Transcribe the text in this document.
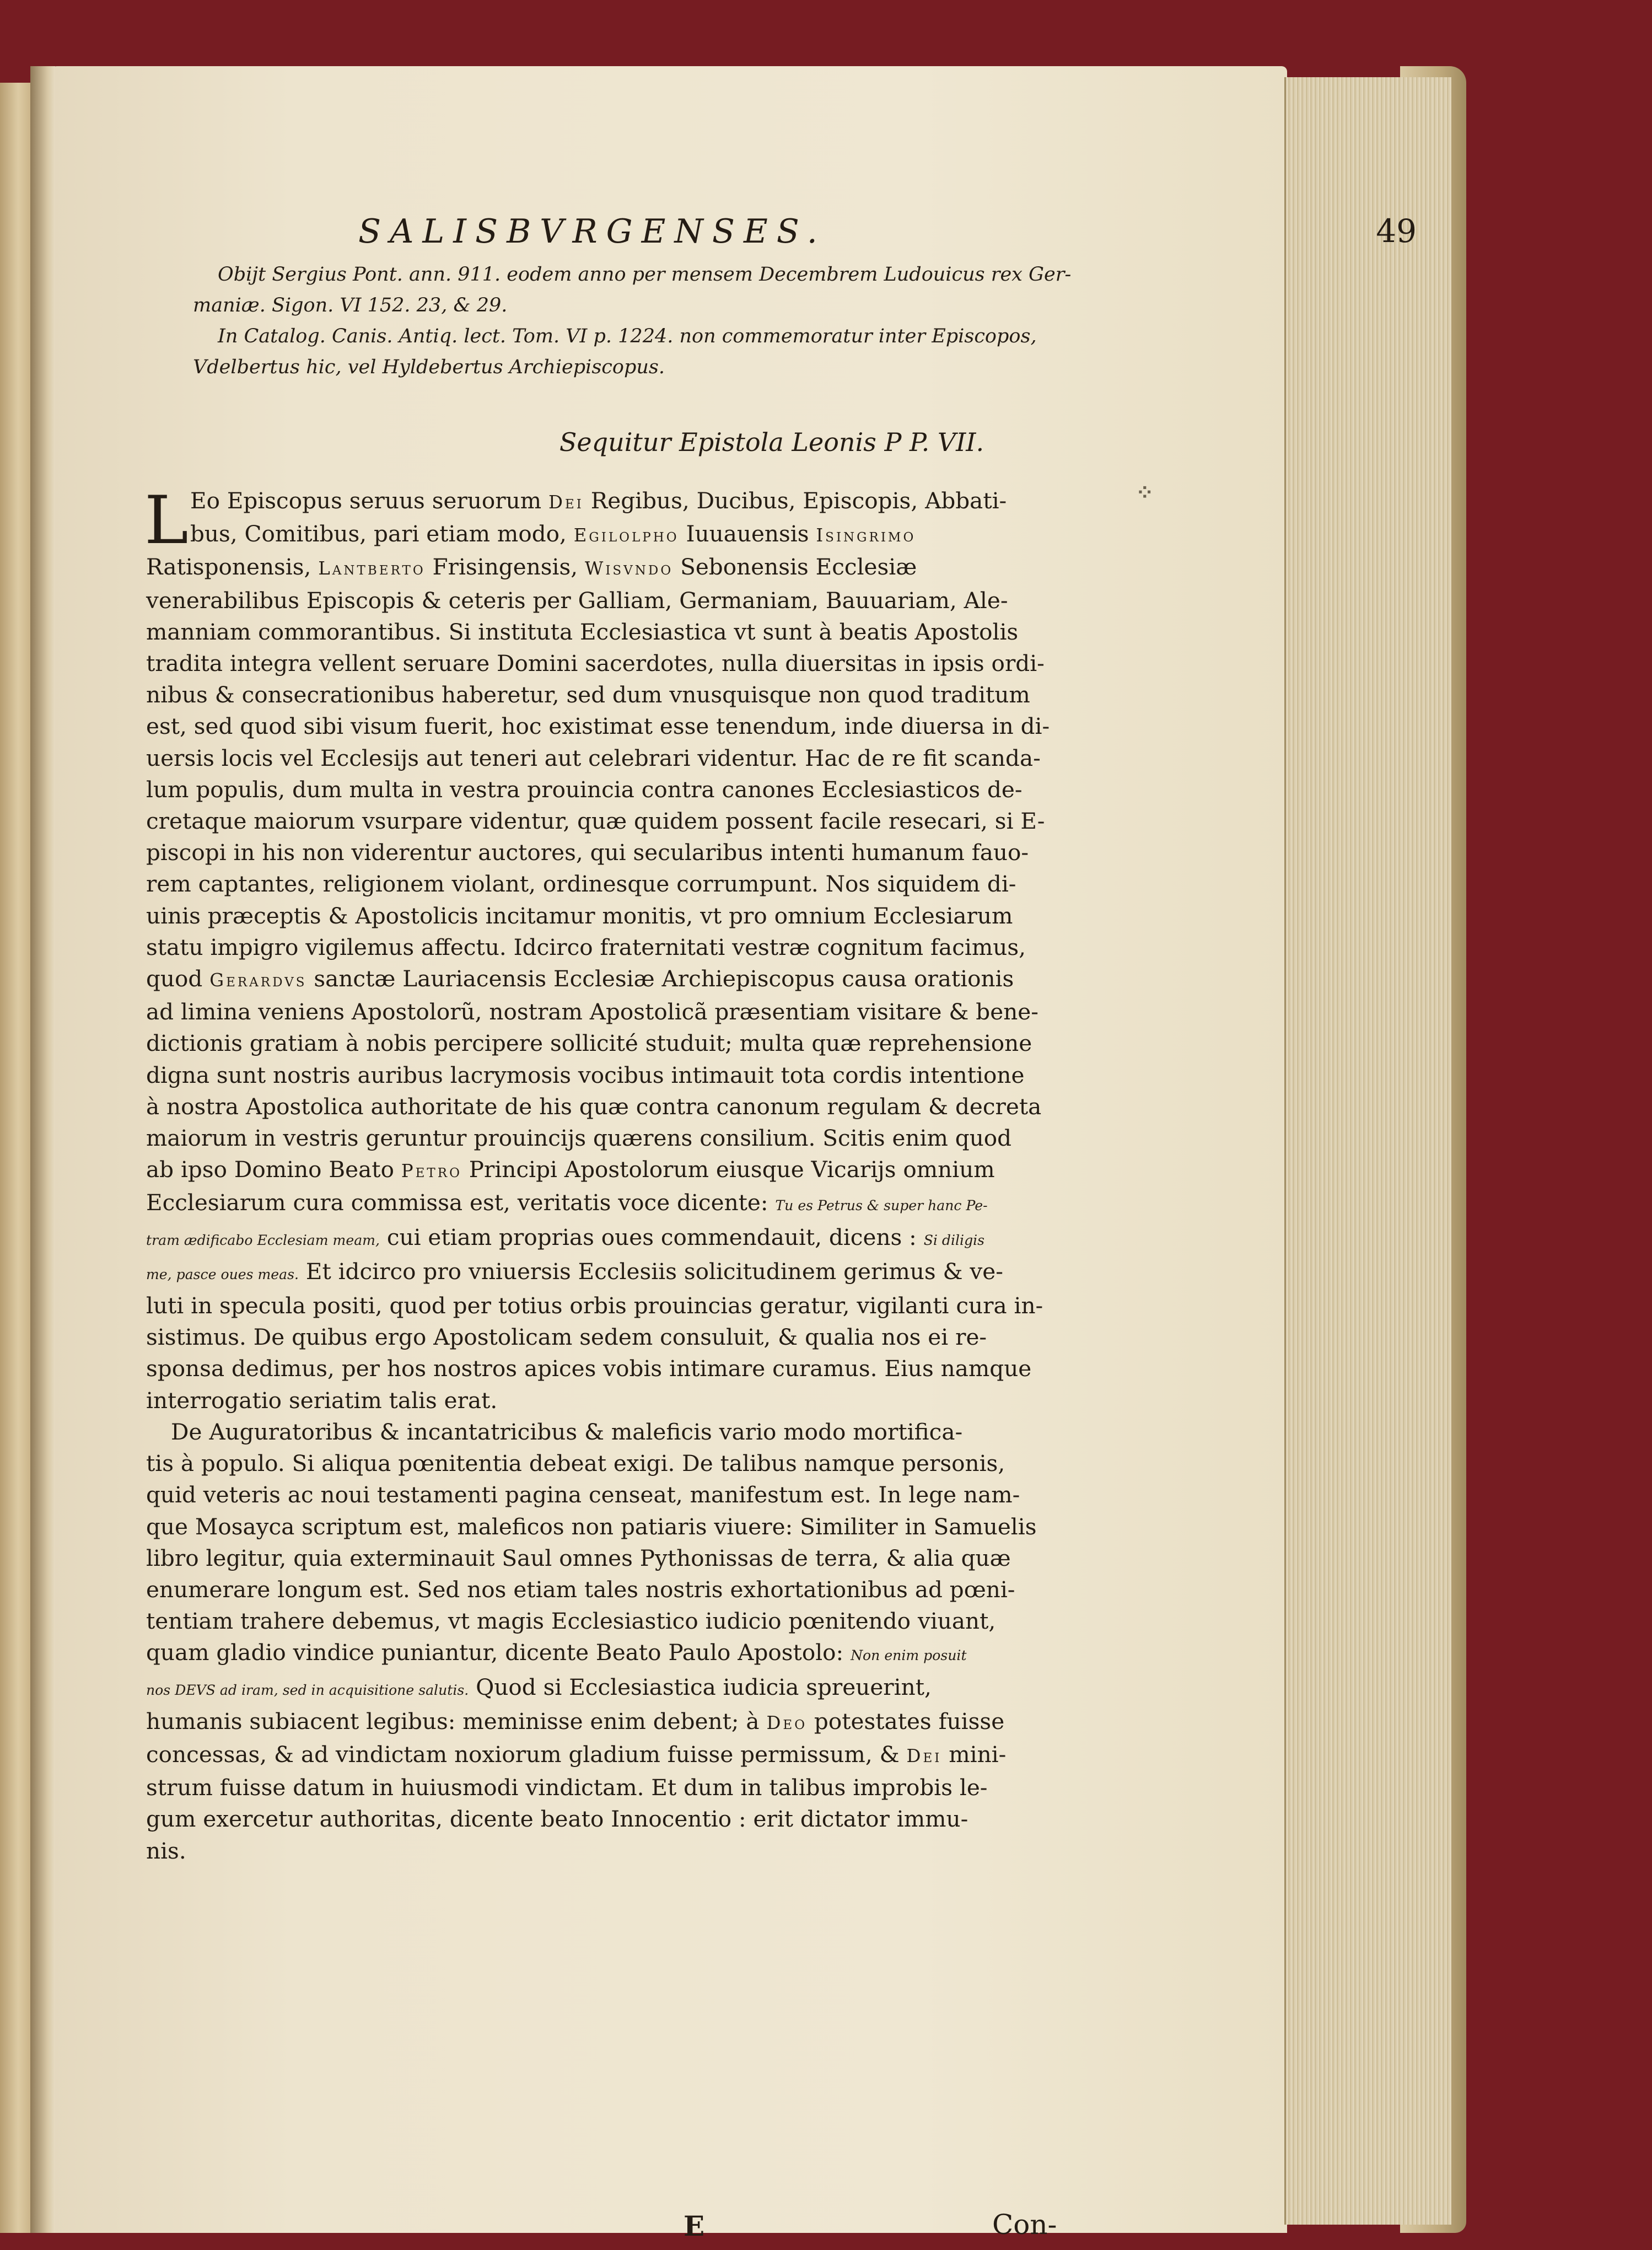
⁘
SALISBVRGENSES.	49

Obijt Sergius Pont. ann. 911. eodem anno per mensem Decembrem Ludouicus rex Ger-

maniæ. Sigon. VI 152. 23, & 29.

In Catalog. Canis. Antiq. lect. Tom. VI p. 1224. non commemoratur inter Episcopos,

Vdelbertus hic, vel Hyldebertus Archiepiscopus.

Sequitur Epistola Leonis P P. VII.
L Eo Episcopus seruus seruorum Dei Regibus, Ducibus, Episcopis, Abbati-

bus, Comitibus, pari etiam modo, Egilolpho Iuuauensis Isingrimo

Ratisponensis, Lantberto Frisingensis, Wisvndo Sebonensis Ecclesiæ

venerabilibus Episcopis & ceteris per Galliam, Germaniam, Bauuariam, Ale-

manniam commorantibus. Si instituta Ecclesiastica vt sunt à beatis Apostolis

tradita integra vellent seruare Domini sacerdotes, nulla diuersitas in ipsis ordi-

nibus & consecrationibus haberetur, sed dum vnusquisque non quod traditum

est, sed quod sibi visum fuerit, hoc existimat esse tenendum, inde diuersa in di-

uersis locis vel Ecclesijs aut teneri aut celebrari videntur. Hac de re fit scanda-

lum populis, dum multa in vestra prouincia contra canones Ecclesiasticos de-

cretaque maiorum vsurpare videntur, quæ quidem possent facile resecari, si E-

piscopi in his non viderentur auctores, qui secularibus intenti humanum fauo-

rem captantes, religionem violant, ordinesque corrumpunt. Nos siquidem di-

uinis præceptis & Apostolicis incitamur monitis, vt pro omnium Ecclesiarum

statu impigro vigilemus affectu. Idcirco fraternitati vestræ cognitum facimus,

quod Gerardvs sanctæ Lauriacensis Ecclesiæ Archiepiscopus causa orationis

ad limina veniens Apostolorũ, nostram Apostolicã præsentiam visitare & bene-

dictionis gratiam à nobis percipere sollicité studuit; multa quæ reprehensione

digna sunt nostris auribus lacrymosis vocibus intimauit tota cordis intentione

à nostra Apostolica authoritate de his quæ contra canonum regulam & decreta

maiorum in vestris geruntur prouincijs quærens consilium. Scitis enim quod

ab ipso Domino Beato Petro Principi Apostolorum eiusque Vicarijs omnium

Ecclesiarum cura commissa est, veritatis voce dicente: Tu es Petrus & super hanc Pe-

tram ædificabo Ecclesiam meam, cui etiam proprias oues commendauit, dicens : Si diligis

me, pasce oues meas. Et idcirco pro vniuersis Ecclesiis solicitudinem gerimus & ve-

luti in specula positi, quod per totius orbis prouincias geratur, vigilanti cura in-

sistimus. De quibus ergo Apostolicam sedem consuluit, & qualia nos ei re-

sponsa dedimus, per hos nostros apices vobis intimare curamus. Eius namque

interrogatio seriatim talis erat.

De Auguratoribus & incantatricibus & maleficis vario modo mortifica-

tis à populo. Si aliqua pœnitentia debeat exigi. De talibus namque personis,

quid veteris ac noui testamenti pagina censeat, manifestum est. In lege nam-

que Mosayca scriptum est, maleficos non patiaris viuere: Similiter in Samuelis

libro legitur, quia exterminauit Saul omnes Pythonissas de terra, & alia quæ

enumerare longum est. Sed nos etiam tales nostris exhortationibus ad pœni-

tentiam trahere debemus, vt magis Ecclesiastico iudicio pœnitendo viuant,

quam gladio vindice puniantur, dicente Beato Paulo Apostolo: Non enim posuit

nos DEVS ad iram, sed in acquisitione salutis. Quod si Ecclesiastica iudicia spreuerint,

humanis subiacent legibus: meminisse enim debent; à Deo potestates fuisse

concessas, & ad vindictam noxiorum gladium fuisse permissum, & Dei mini-

strum fuisse datum in huiusmodi vindictam. Et dum in talibus improbis le-

gum exercetur authoritas, dicente beato Innocentio : erit dictator immu-

nis.

E	Con-
